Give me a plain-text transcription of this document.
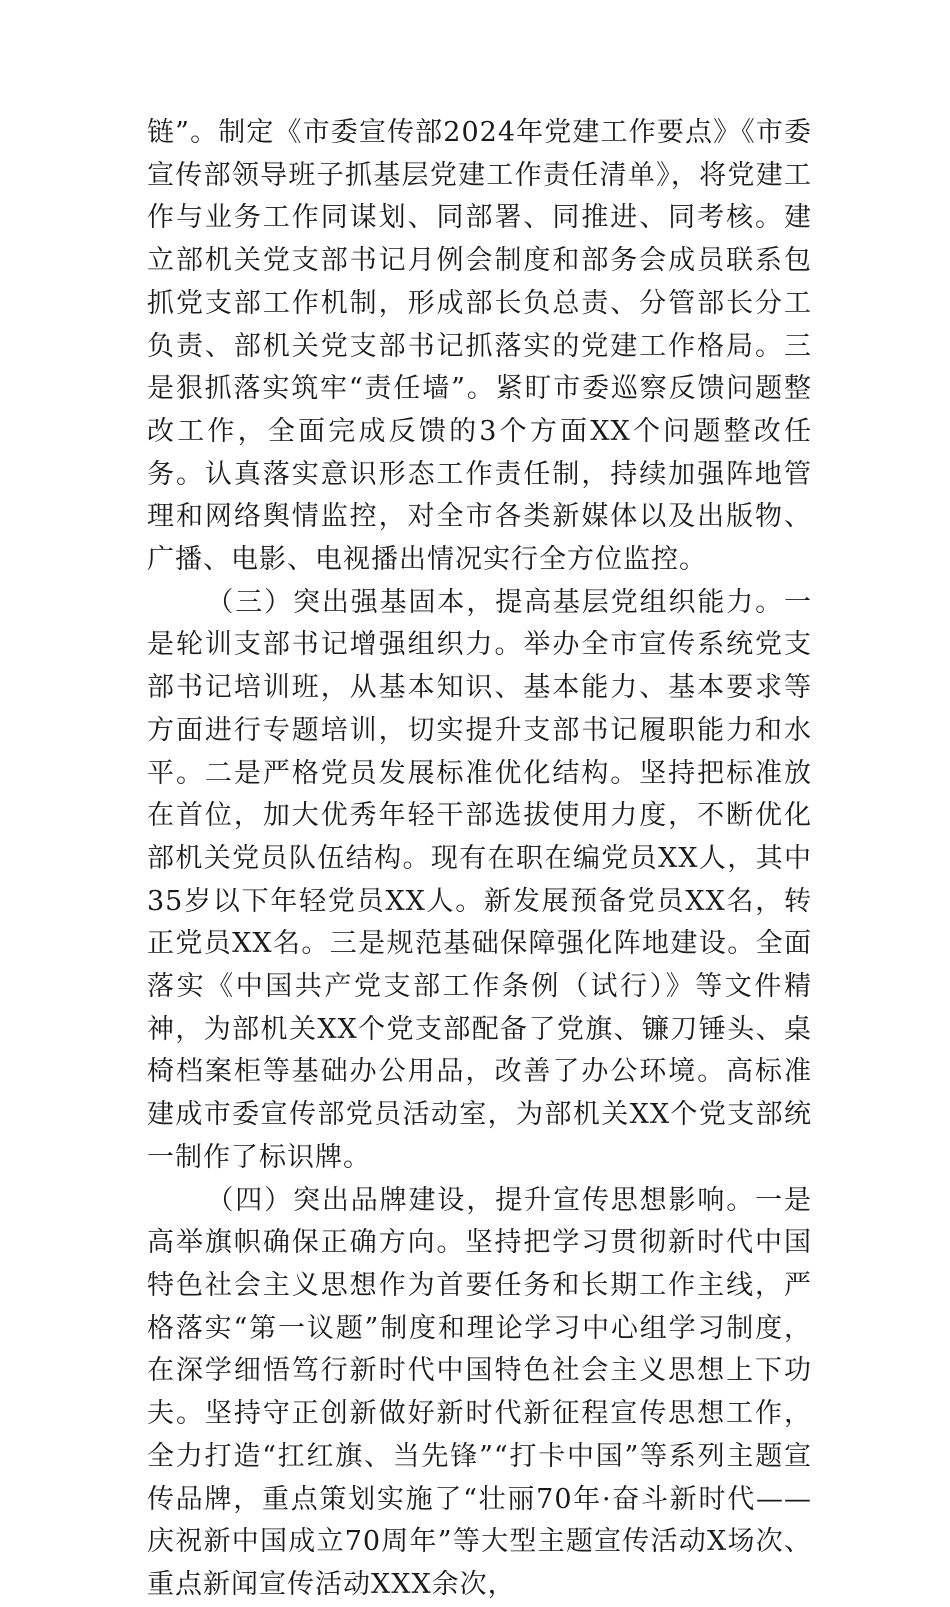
链”。制定《市委宣传部2024年党建工作要点》《市委宣传部领导班子抓基层党建工作责任清单》，将党建工作与业务工作同谋划、同部署、同推进、同考核。建立部机关党支部书记月例会制度和部务会成员联系包抓党支部工作机制，形成部长负总责、分管部长分工负责、部机关党支部书记抓落实的党建工作格局。三是狠抓落实筑牢“责任墙”。紧盯市委巡察反馈问题整改工作，全面完成反馈的3个方面XX个问题整改任务。认真落实意识形态工作责任制，持续加强阵地管理和网络舆情监控，对全市各类新媒体以及出版物、广播、电影、电视播出情况实行全方位监控。

（三）突出强基固本，提高基层党组织能力。一是轮训支部书记增强组织力。举办全市宣传系统党支部书记培训班，从基本知识、基本能力、基本要求等方面进行专题培训，切实提升支部书记履职能力和水平。二是严格党员发展标准优化结构。坚持把标准放在首位，加大优秀年轻干部选拔使用力度，不断优化部机关党员队伍结构。现有在职在编党员XX人，其中35岁以下年轻党员XX人。新发展预备党员XX名，转正党员XX名。三是规范基础保障强化阵地建设。全面落实《中国共产党支部工作条例（试行）》等文件精神，为部机关XX个党支部配备了党旗、镰刀锤头、桌椅档案柜等基础办公用品，改善了办公环境。高标准建成市委宣传部党员活动室，为部机关XX个党支部统一制作了标识牌。

（四）突出品牌建设，提升宣传思想影响。一是高举旗帜确保正确方向。坚持把学习贯彻新时代中国特色社会主义思想作为首要任务和长期工作主线，严格落实“第一议题”制度和理论学习中心组学习制度，在深学细悟笃行新时代中国特色社会主义思想上下功夫。坚持守正创新做好新时代新征程宣传思想工作，全力打造“扛红旗、当先锋”“打卡中国”等系列主题宣传品牌，重点策划实施了“壮丽70年·奋斗新时代——庆祝新中国成立70周年”等大型主题宣传活动X场次、重点新闻宣传活动XXX余次，
